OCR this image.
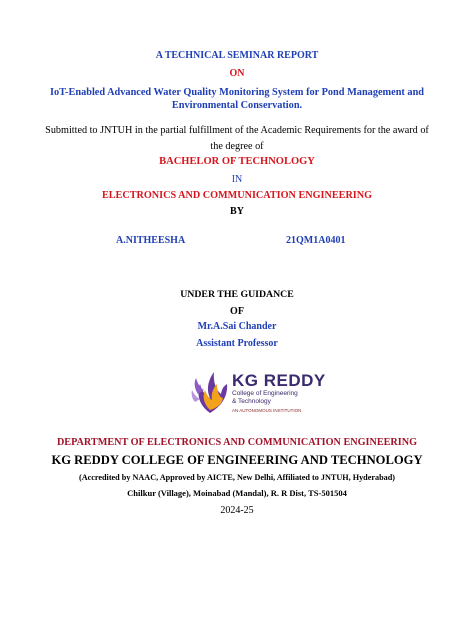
A TECHNICAL SEMINAR REPORT
ON
IoT-Enabled Advanced Water Quality Monitoring System for Pond Management and
Environmental Conservation.
Submitted to JNTUH in the partial fulfillment of the Academic Requirements for the award of
the degree of
BACHELOR OF TECHNOLOGY
IN
ELECTRONICS AND COMMUNICATION ENGINEERING
BY
A.NITHEESHA	21QM1A0401
UNDER THE GUIDANCE
OF
Mr.A.Sai Chander
Assistant Professor
KG REDDY
College of Engineering
& Technology
AN AUTONOMOUS INSTITUTION
DEPARTMENT OF ELECTRONICS AND COMMUNICATION ENGINEERING
KG REDDY COLLEGE OF ENGINEERING AND TECHNOLOGY
(Accredited by NAAC, Approved by AICTE, New Delhi, Affiliated to JNTUH, Hyderabad)
Chilkur (Village), Moinabad (Mandal), R. R Dist, TS-501504
2024-25
